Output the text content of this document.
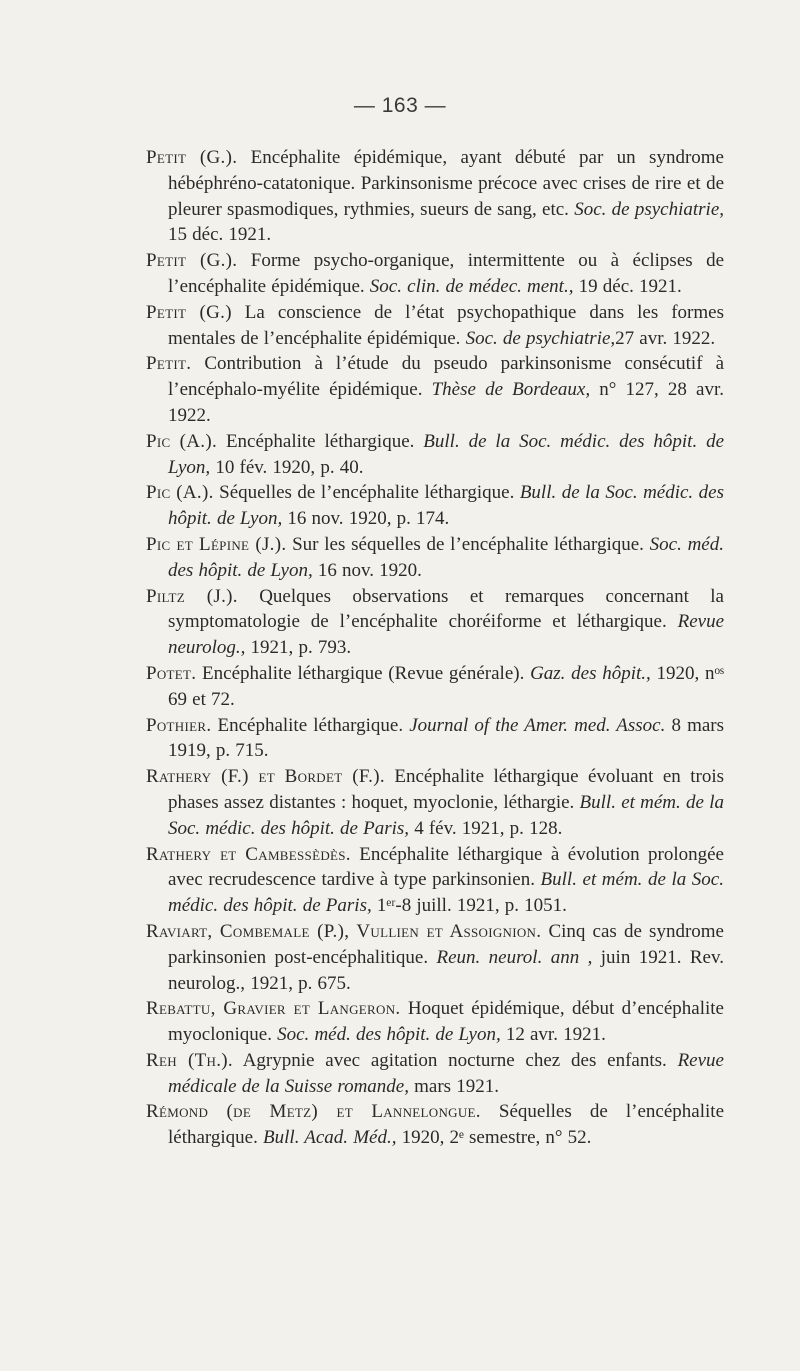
— 163 —
Petit (G.). Encéphalite épidémique, ayant débuté par un syndrome hébéphréno-catatonique. Parkinsonisme précoce avec crises de rire et de pleurer spasmodiques, rythmies, sueurs de sang, etc. Soc. de psychiatrie, 15 déc. 1921.
Petit (G.). Forme psycho-organique, intermittente ou à éclipses de l’encéphalite épidémique. Soc. clin. de médec. ment., 19 déc. 1921.
Petit (G.) La conscience de l’état psychopathique dans les formes mentales de l’encéphalite épidémique. Soc. de psychiatrie,27 avr. 1922.
Petit. Contribution à l’étude du pseudo parkinsonisme consécutif à l’encéphalo-myélite épidémique. Thèse de Bordeaux, n° 127, 28 avr. 1922.
Pic (A.). Encéphalite léthargique. Bull. de la Soc. médic. des hôpit. de Lyon, 10 fév. 1920, p. 40.
Pic (A.). Séquelles de l’encéphalite léthargique. Bull. de la Soc. médic. des hôpit. de Lyon, 16 nov. 1920, p. 174.
Pic et Lépine (J.). Sur les séquelles de l’encéphalite léthargique. Soc. méd. des hôpit. de Lyon, 16 nov. 1920.
Piltz (J.). Quelques observations et remarques concernant la symptomatologie de l’encéphalite choréiforme et léthargique. Revue neurolog., 1921, p. 793.
Potet. Encéphalite léthargique (Revue générale). Gaz. des hôpit., 1920, nᵒˢ 69 et 72.
Pothier. Encéphalite léthargique. Journal of the Amer. med. Assoc. 8 mars 1919, p. 715.
Rathery (F.) et Bordet (F.). Encéphalite léthargique évoluant en trois phases assez distantes : hoquet, myoclonie, léthargie. Bull. et mém. de la Soc. médic. des hôpit. de Paris, 4 fév. 1921, p. 128.
Rathery et Cambessèdès. Encéphalite léthargique à évolution prolongée avec recrudescence tardive à type parkinsonien. Bull. et mém. de la Soc. médic. des hôpit. de Paris, 1ᵉʳ-8 juill. 1921, p. 1051.
Raviart, Combemale (P.), Vullien et Assoignion. Cinq cas de syndrome parkinsonien post-encéphalitique. Reun. neurol. ann , juin 1921. Rev. neurolog., 1921, p. 675.
Rebattu, Gravier et Langeron. Hoquet épidémique, début d’encéphalite myoclonique. Soc. méd. des hôpit. de Lyon, 12 avr. 1921.
Reh (Th.). Agrypnie avec agitation nocturne chez des enfants. Revue médicale de la Suisse romande, mars 1921.
Rémond (de Metz) et Lannelongue. Séquelles de l’encéphalite léthargique. Bull. Acad. Méd., 1920, 2ᵉ semestre, n° 52.
